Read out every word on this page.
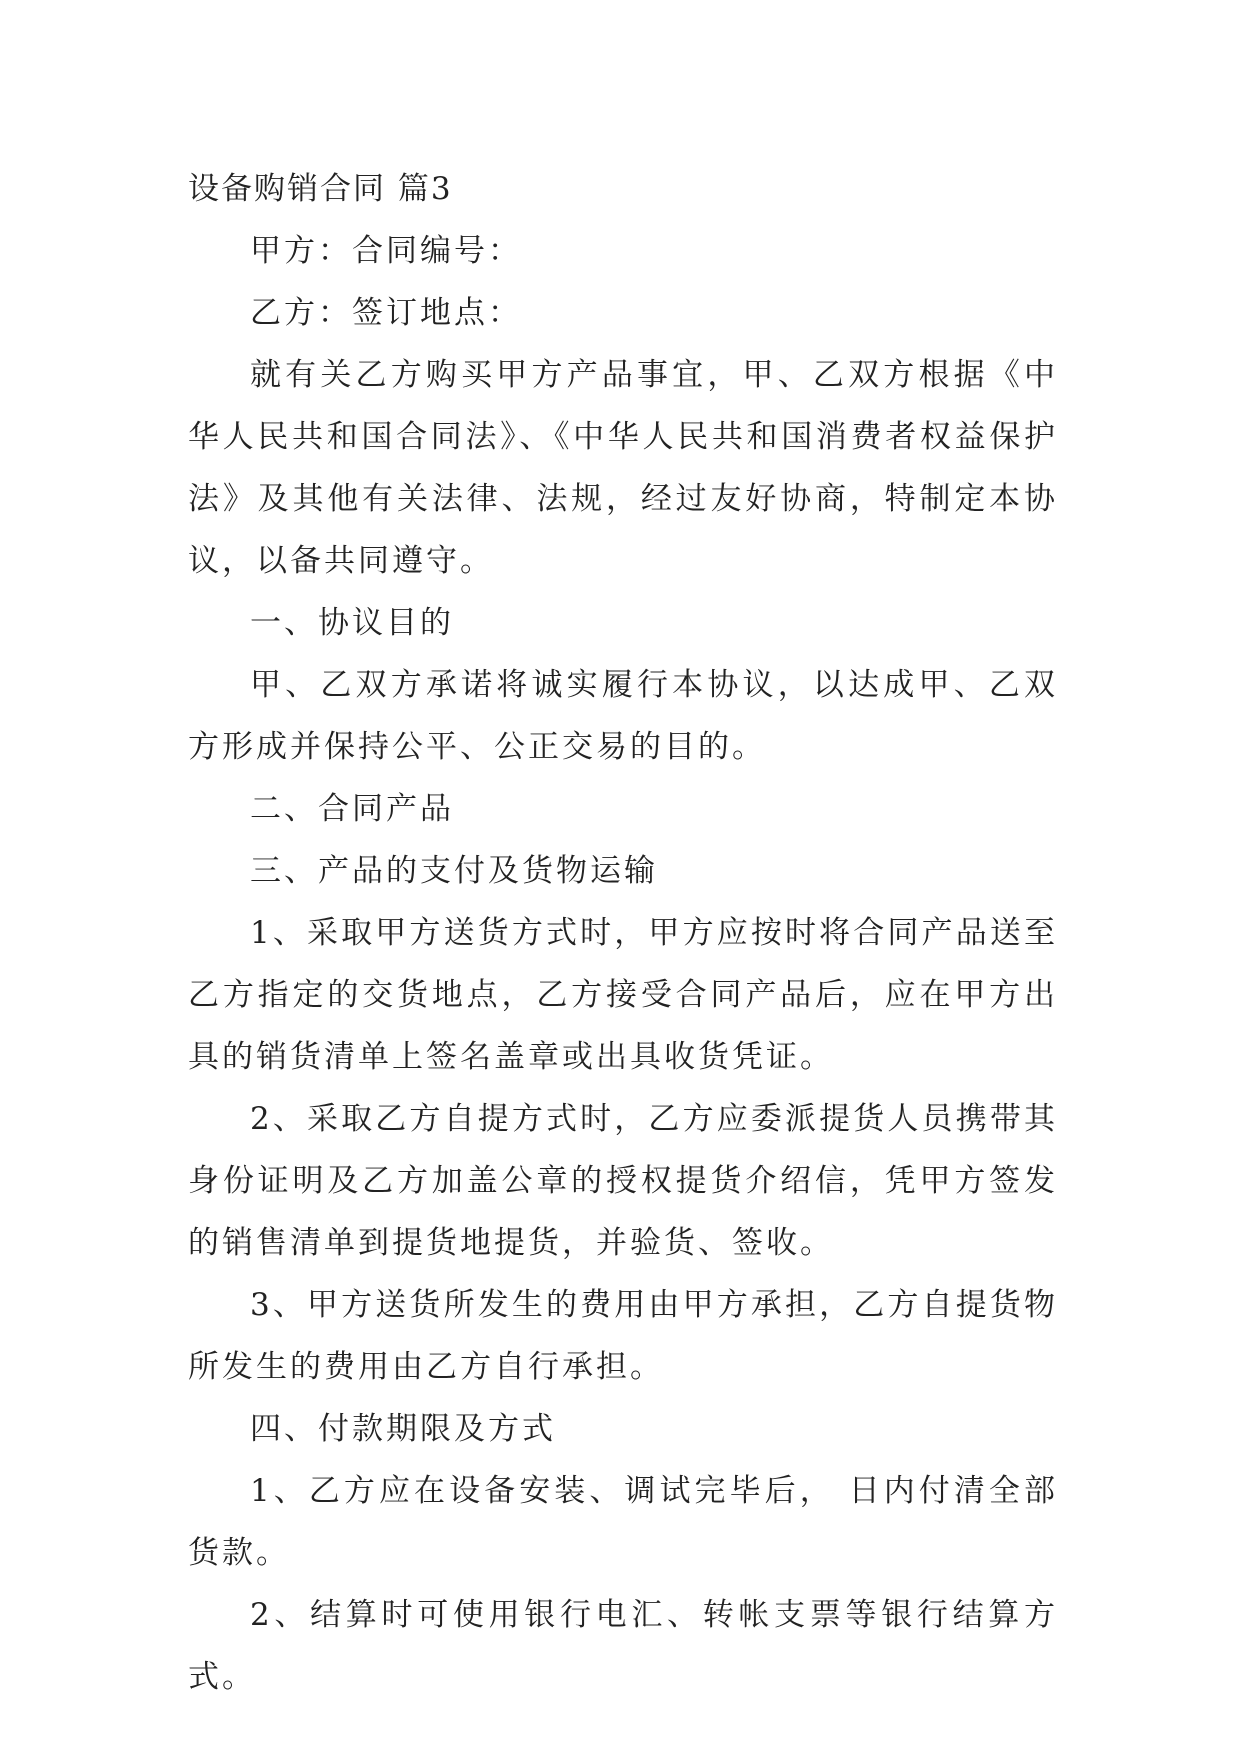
设备购销合同 篇3

甲方：合同编号：

乙方：签订地点：

就有关乙方购买甲方产品事宜，甲、乙双方根据《中华人民共和国合同法》、《中华人民共和国消费者权益保护法》及其他有关法律、法规，经过友好协商，特制定本协议，以备共同遵守。

一、协议目的

甲、乙双方承诺将诚实履行本协议，以达成甲、乙双方形成并保持公平、公正交易的目的。

二、合同产品

三、产品的支付及货物运输

1、采取甲方送货方式时，甲方应按时将合同产品送至乙方指定的交货地点，乙方接受合同产品后，应在甲方出具的销货清单上签名盖章或出具收货凭证。

2、采取乙方自提方式时，乙方应委派提货人员携带其身份证明及乙方加盖公章的授权提货介绍信，凭甲方签发的销售清单到提货地提货，并验货、签收。

3、甲方送货所发生的费用由甲方承担，乙方自提货物所发生的费用由乙方自行承担。

四、付款期限及方式

1、乙方应在设备安装、调试完毕后， 日内付清全部货款。

2、结算时可使用银行电汇、转帐支票等银行结算方式。
